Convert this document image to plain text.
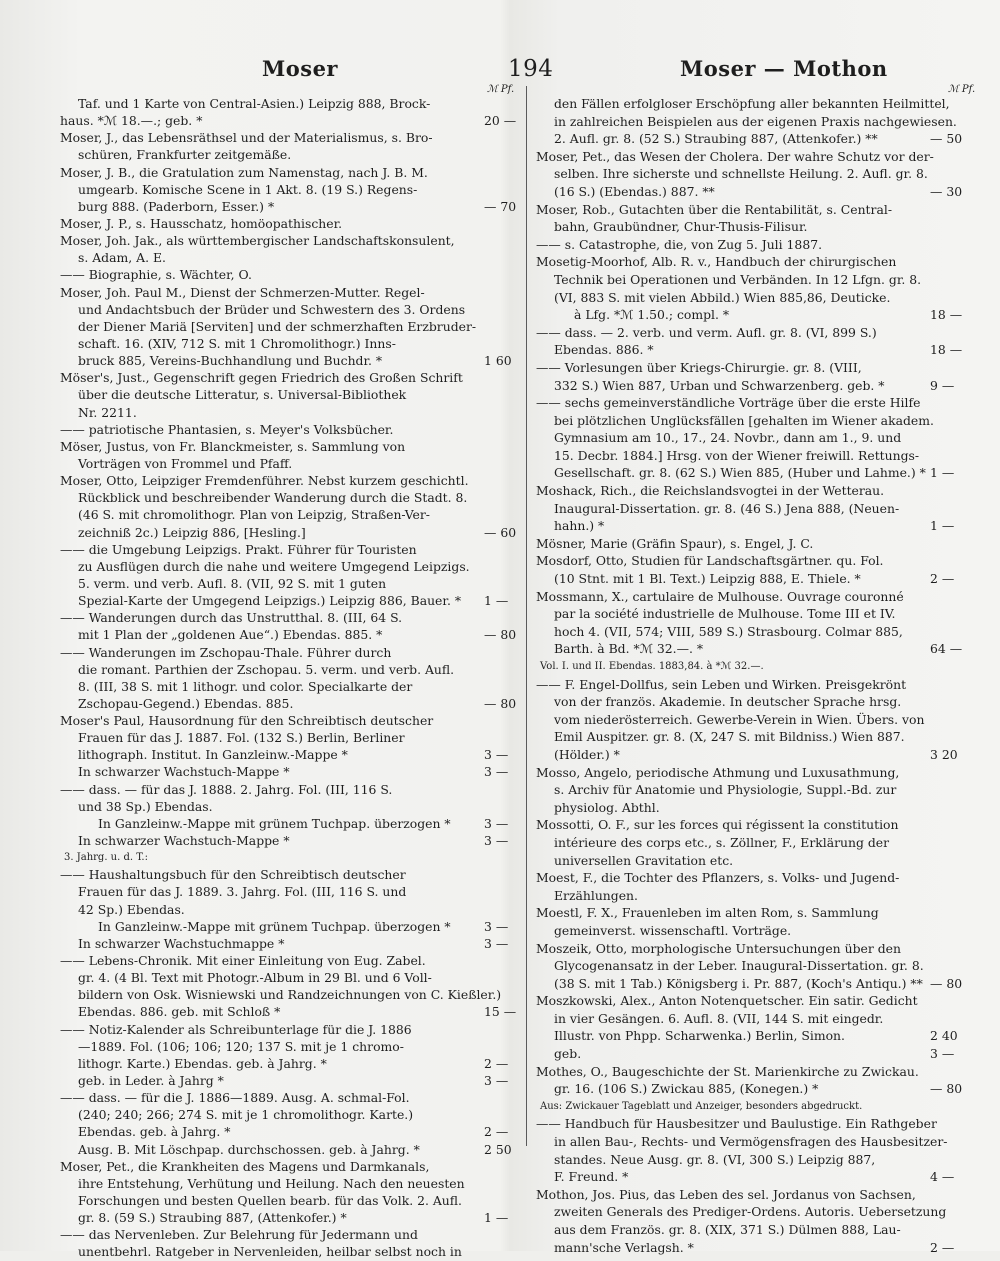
Moser	194	Moser — Mothon
ℳ Pf.	ℳ Pf.
Taf. und 1 Karte von Central-Asien.) Leipzig 888, Brock-
haus. *ℳ 18.—.; geb. *	20 —
Moser, J., das Lebensräthsel und der Materialismus, s. Bro-
schüren, Frankfurter zeitgemäße.
Moser, J. B., die Gratulation zum Namenstag, nach J. B. M.
umgearb. Komische Scene in 1 Akt. 8. (19 S.) Regens-
burg 888. (Paderborn, Esser.) *	— 70
Moser, J. P., s. Hausschatz, homöopathischer.
Moser, Joh. Jak., als württembergischer Landschaftskonsulent,
s. Adam, A. E.
—— Biographie, s. Wächter, O.
Moser, Joh. Paul M., Dienst der Schmerzen-Mutter. Regel-
und Andachtsbuch der Brüder und Schwestern des 3. Ordens
der Diener Mariä [Serviten] und der schmerzhaften Erzbruder-
schaft. 16. (XIV, 712 S. mit 1 Chromolithogr.) Inns-
bruck 885, Vereins-Buchhandlung und Buchdr. *	1 60
Möser's, Just., Gegenschrift gegen Friedrich des Großen Schrift
über die deutsche Litteratur, s. Universal-Bibliothek
Nr. 2211.
—— patriotische Phantasien, s. Meyer's Volksbücher.
Möser, Justus, von Fr. Blanckmeister, s. Sammlung von
Vorträgen von Frommel und Pfaff.
Moser, Otto, Leipziger Fremdenführer. Nebst kurzem geschichtl.
Rückblick und beschreibender Wanderung durch die Stadt. 8.
(46 S. mit chromolithogr. Plan von Leipzig, Straßen-Ver-
zeichniß 2c.) Leipzig 886, [Hesling.]	— 60
—— die Umgebung Leipzigs. Prakt. Führer für Touristen
zu Ausflügen durch die nahe und weitere Umgegend Leipzigs.
5. verm. und verb. Aufl. 8. (VII, 92 S. mit 1 guten
Spezial-Karte der Umgegend Leipzigs.) Leipzig 886, Bauer. *	1 —
—— Wanderungen durch das Unstrutthal. 8. (III, 64 S.
mit 1 Plan der „goldenen Aue“.) Ebendas. 885. *	— 80
—— Wanderungen im Zschopau-Thale. Führer durch
die romant. Parthien der Zschopau. 5. verm. und verb. Aufl.
8. (III, 38 S. mit 1 lithogr. und color. Specialkarte der
Zschopau-Gegend.) Ebendas. 885.	— 80
Moser's Paul, Hausordnung für den Schreibtisch deutscher
Frauen für das J. 1887. Fol. (132 S.) Berlin, Berliner
lithograph. Institut. In Ganzleinw.-Mappe *	3 —
In schwarzer Wachstuch-Mappe *	3 —
—— dass. — für das J. 1888. 2. Jahrg. Fol. (III, 116 S.
und 38 Sp.) Ebendas.
In Ganzleinw.-Mappe mit grünem Tuchpap. überzogen *	3 —
In schwarzer Wachstuch-Mappe *	3 —
3. Jahrg. u. d. T.:
—— Haushaltungsbuch für den Schreibtisch deutscher
Frauen für das J. 1889. 3. Jahrg. Fol. (III, 116 S. und
42 Sp.) Ebendas.
In Ganzleinw.-Mappe mit grünem Tuchpap. überzogen *	3 —
In schwarzer Wachstuchmappe *	3 —
—— Lebens-Chronik. Mit einer Einleitung von Eug. Zabel.
gr. 4. (4 Bl. Text mit Photogr.-Album in 29 Bl. und 6 Voll-
bildern von Osk. Wisniewski und Randzeichnungen von C. Kießler.)
Ebendas. 886. geb. mit Schloß *	15 —
—— Notiz-Kalender als Schreibunterlage für die J. 1886
—1889. Fol. (106; 106; 120; 137 S. mit je 1 chromo-
lithogr. Karte.) Ebendas. geb. à Jahrg. *	2 —
geb. in Leder. à Jahrg *	3 —
—— dass. — für die J. 1886—1889. Ausg. A. schmal-Fol.
(240; 240; 266; 274 S. mit je 1 chromolithogr. Karte.)
Ebendas. geb. à Jahrg. *	2 —
Ausg. B. Mit Löschpap. durchschossen. geb. à Jahrg. *	2 50
Moser, Pet., die Krankheiten des Magens und Darmkanals,
ihre Entstehung, Verhütung und Heilung. Nach den neuesten
Forschungen und besten Quellen bearb. für das Volk. 2. Aufl.
gr. 8. (59 S.) Straubing 887, (Attenkofer.) *	1 —
—— das Nervenleben. Zur Belehrung für Jedermann und
unentbehrl. Ratgeber in Nervenleiden, heilbar selbst noch in
den Fällen erfolgloser Erschöpfung aller bekannten Heilmittel,
in zahlreichen Beispielen aus der eigenen Praxis nachgewiesen.
2. Aufl. gr. 8. (52 S.) Straubing 887, (Attenkofer.) **	— 50
Moser, Pet., das Wesen der Cholera. Der wahre Schutz vor der-
selben. Ihre sicherste und schnellste Heilung. 2. Aufl. gr. 8.
(16 S.) (Ebendas.) 887. **	— 30
Moser, Rob., Gutachten über die Rentabilität, s. Central-
bahn, Graubündner, Chur-Thusis-Filisur.
—— s. Catastrophe, die, von Zug 5. Juli 1887.
Mosetig-Moorhof, Alb. R. v., Handbuch der chirurgischen
Technik bei Operationen und Verbänden. In 12 Lfgn. gr. 8.
(VI, 883 S. mit vielen Abbild.) Wien 885,86, Deuticke.
à Lfg. *ℳ 1.50.; compl. *	18 —
—— dass. — 2. verb. und verm. Aufl. gr. 8. (VI, 899 S.)
Ebendas. 886. *	18 —
—— Vorlesungen über Kriegs-Chirurgie. gr. 8. (VIII,
332 S.) Wien 887, Urban und Schwarzenberg. geb. *	9 —
—— sechs gemeinverständliche Vorträge über die erste Hilfe
bei plötzlichen Unglücksfällen [gehalten im Wiener akadem.
Gymnasium am 10., 17., 24. Novbr., dann am 1., 9. und
15. Decbr. 1884.] Hrsg. von der Wiener freiwill. Rettungs-
Gesellschaft. gr. 8. (62 S.) Wien 885, (Huber und Lahme.) * 1 —
Moshack, Rich., die Reichslandsvogtei in der Wetterau.
Inaugural-Dissertation. gr. 8. (46 S.) Jena 888, (Neuen-
hahn.) *	1 —
Mösner, Marie (Gräfin Spaur), s. Engel, J. C.
Mosdorf, Otto, Studien für Landschaftsgärtner. qu. Fol.
(10 Stnt. mit 1 Bl. Text.) Leipzig 888, E. Thiele. *	2 —
Mossmann, X., cartulaire de Mulhouse. Ouvrage couronné
par la société industrielle de Mulhouse. Tome III et IV.
hoch 4. (VII, 574; VIII, 589 S.) Strasbourg. Colmar 885,
Barth. à Bd. *ℳ 32.—. *	64 —
Vol. I. und II. Ebendas. 1883,84. à *ℳ 32.—.
—— F. Engel-Dollfus, sein Leben und Wirken. Preisgekrönt
von der französ. Akademie. In deutscher Sprache hrsg.
vom niederösterreich. Gewerbe-Verein in Wien. Übers. von
Emil Auspitzer. gr. 8. (X, 247 S. mit Bildniss.) Wien 887.
(Hölder.) *	3 20
Mosso, Angelo, periodische Athmung und Luxusathmung,
s. Archiv für Anatomie und Physiologie, Suppl.-Bd. zur
physiolog. Abthl.
Mossotti, O. F., sur les forces qui régissent la constitution
intérieure des corps etc., s. Zöllner, F., Erklärung der
universellen Gravitation etc.
Moest, F., die Tochter des Pflanzers, s. Volks- und Jugend-
Erzählungen.
Moestl, F. X., Frauenleben im alten Rom, s. Sammlung
gemeinverst. wissenschaftl. Vorträge.
Moszeik, Otto, morphologische Untersuchungen über den
Glycogenansatz in der Leber. Inaugural-Dissertation. gr. 8.
(38 S. mit 1 Tab.) Königsberg i. Pr. 887, (Koch's Antiqu.) ** — 80
Moszkowski, Alex., Anton Notenquetscher. Ein satir. Gedicht
in vier Gesängen. 6. Aufl. 8. (VII, 144 S. mit eingedr.
Illustr. von Phpp. Scharwenka.) Berlin, Simon.	2 40
geb.	3 —
Mothes, O., Baugeschichte der St. Marienkirche zu Zwickau.
gr. 16. (106 S.) Zwickau 885, (Konegen.) *	— 80
Aus: Zwickauer Tageblatt und Anzeiger, besonders abgedruckt.
—— Handbuch für Hausbesitzer und Baulustige. Ein Rathgeber
in allen Bau-, Rechts- und Vermögensfragen des Hausbesitzer-
standes. Neue Ausg. gr. 8. (VI, 300 S.) Leipzig 887,
F. Freund. *	4 —
Mothon, Jos. Pius, das Leben des sel. Jordanus von Sachsen,
zweiten Generals des Prediger-Ordens. Autoris. Uebersetzung
aus dem Französ. gr. 8. (XIX, 371 S.) Dülmen 888, Lau-
mann'sche Verlagsh. *	2 —
